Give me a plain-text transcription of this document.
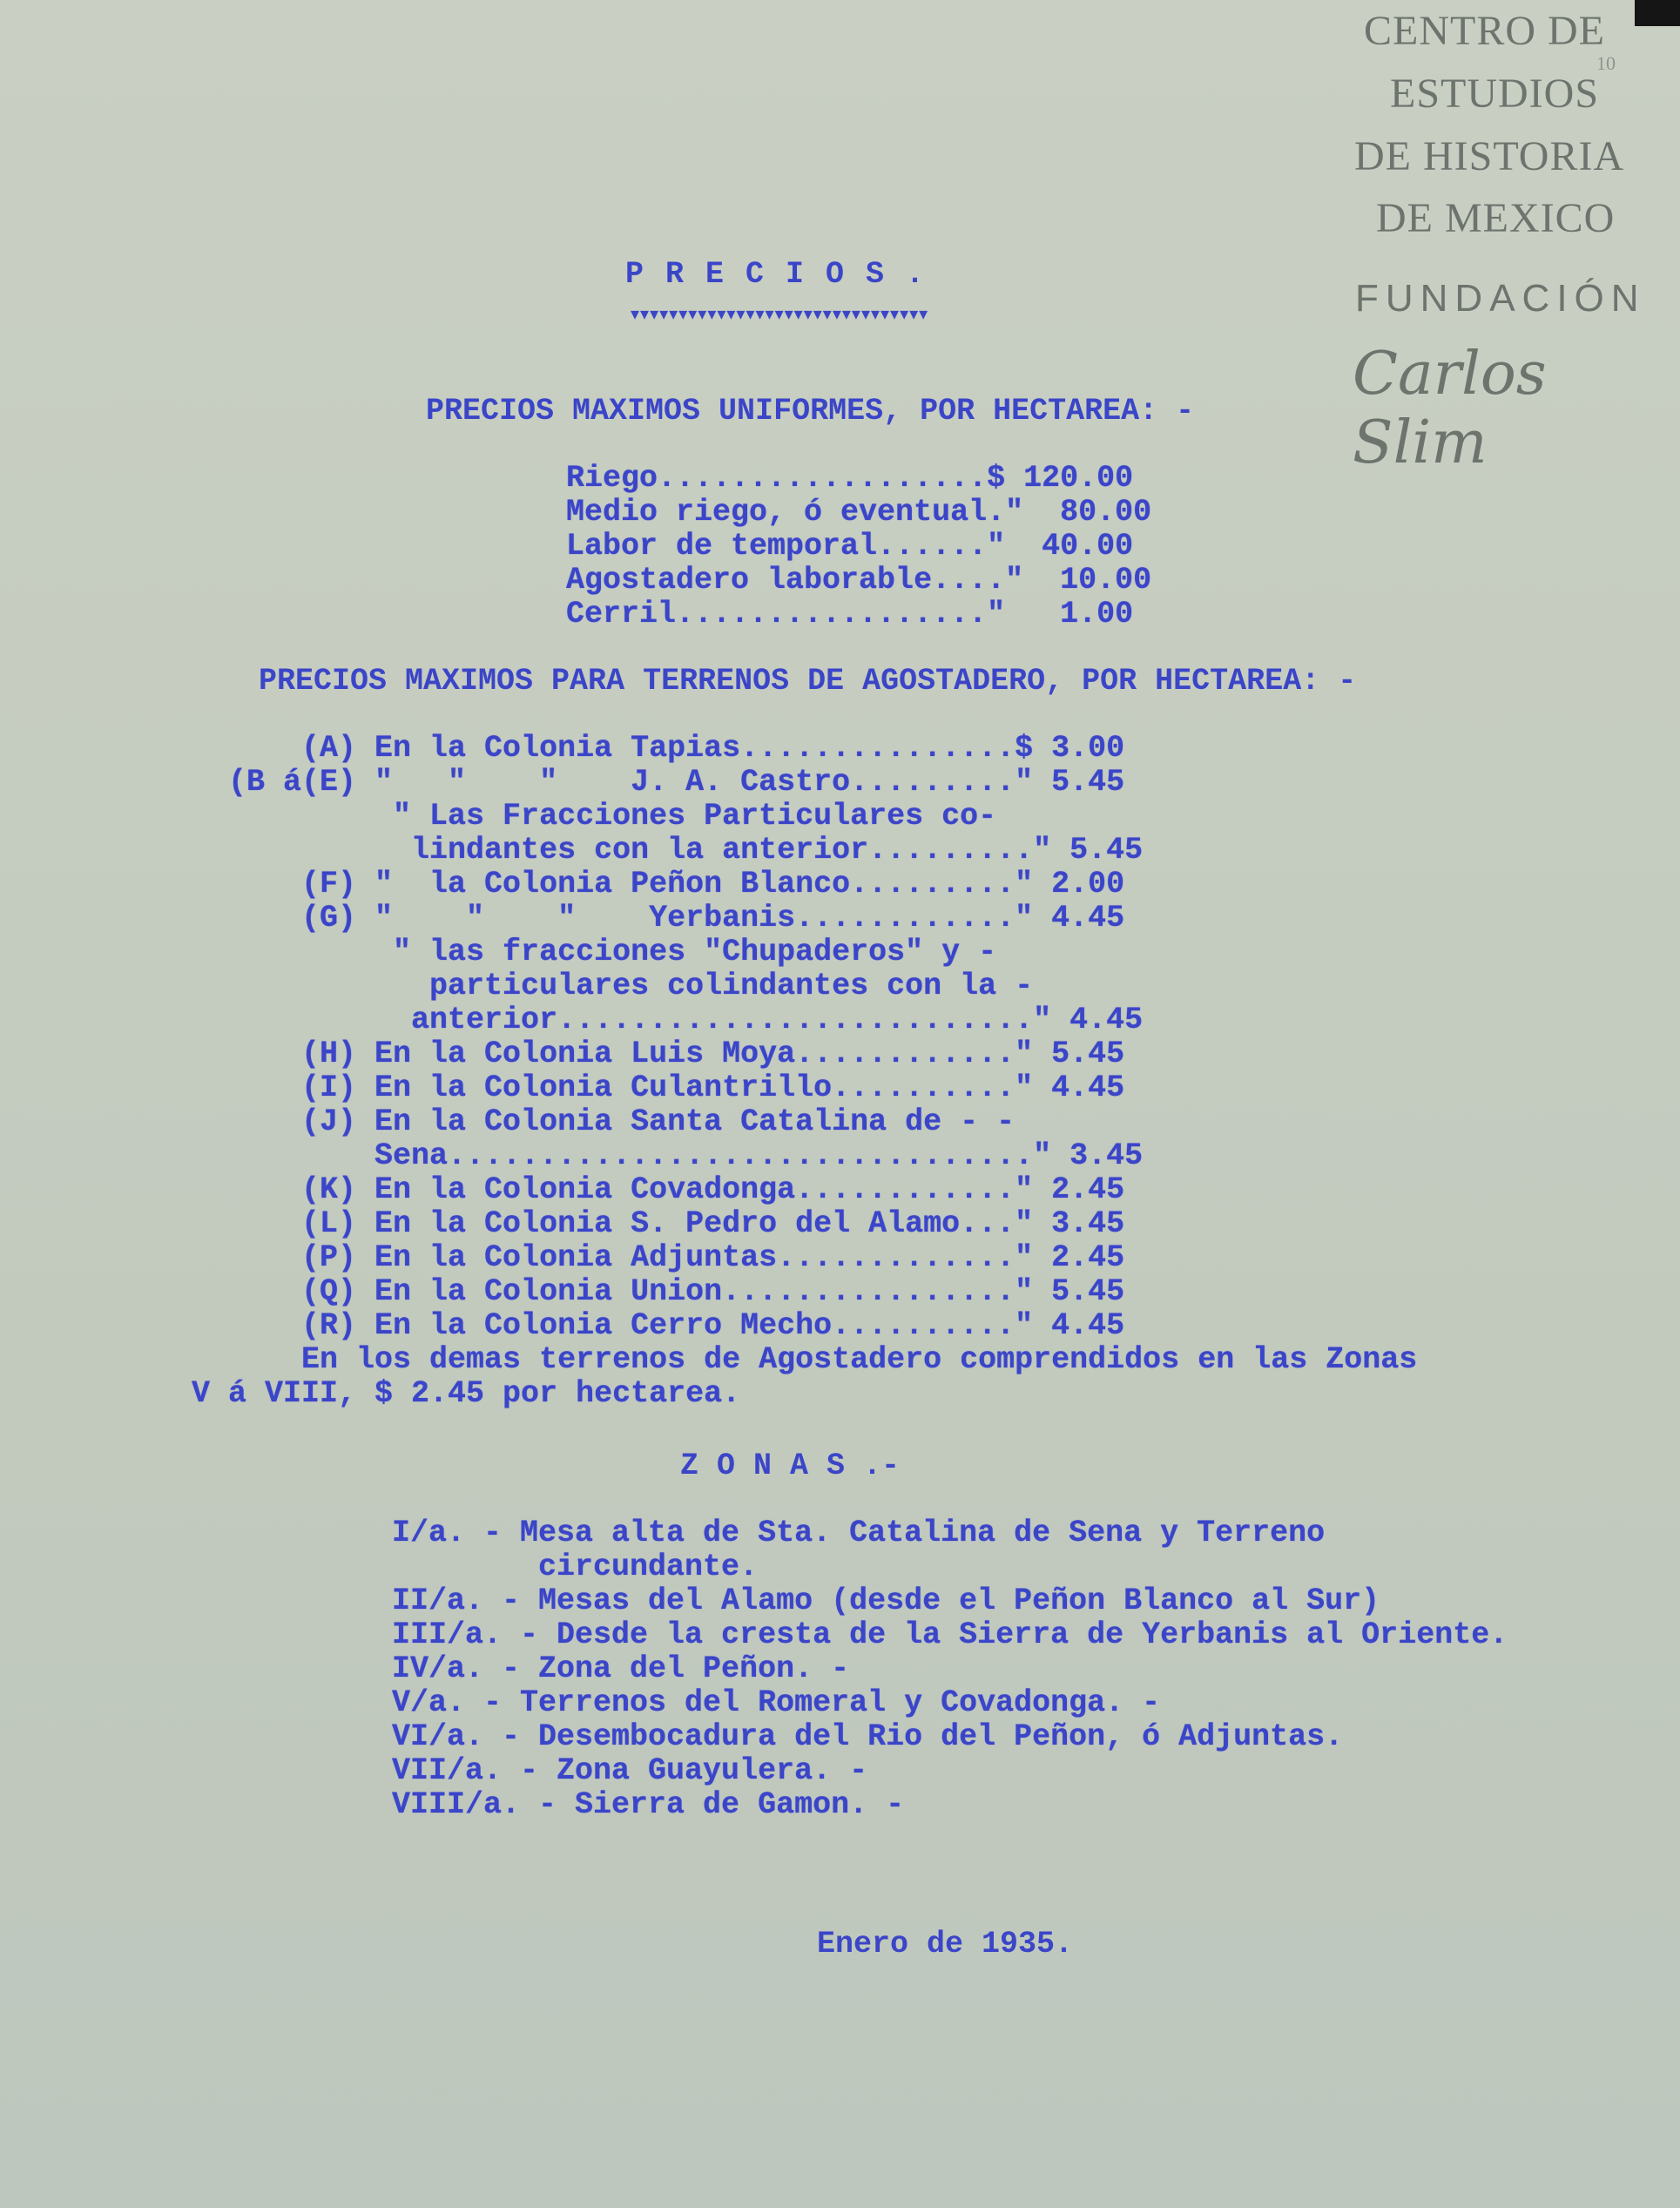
CENTRO DE
ESTUDIOS
DE HISTORIA
DE MEXICO
FUNDACIÓN
Carlos Slim
10
P R E C I O S .
▾▾▾▾▾▾▾▾▾▾▾▾▾▾▾▾▾▾▾▾▾▾▾▾▾▾▾▾▾▾▾
PRECIOS MAXIMOS UNIFORMES, POR HECTAREA: -
Riego..................$ 120.00
Medio riego, ó eventual."  80.00
Labor de temporal......"  40.00
Agostadero laborable...."  10.00
Cerril................."   1.00
PRECIOS MAXIMOS PARA TERRENOS DE AGOSTADERO, POR HECTAREA: -
(A) En la Colonia Tapias...............$ 3.00
(B á(E) "   "    "    J. A. Castro........." 5.45
" Las Fracciones Particulares co-
lindantes con la anterior........." 5.45
(F) "  la Colonia Peñon Blanco........." 2.00
(G) "    "    "    Yerbanis............" 4.45
" las fracciones "Chupaderos" y -
particulares colindantes con la -
anterior.........................." 4.45
(H) En la Colonia Luis Moya............" 5.45
(I) En la Colonia Culantrillo.........." 4.45
(J) En la Colonia Santa Catalina de - -
Sena................................" 3.45
(K) En la Colonia Covadonga............" 2.45
(L) En la Colonia S. Pedro del Alamo..." 3.45
(P) En la Colonia Adjuntas............." 2.45
(Q) En la Colonia Union................" 5.45
(R) En la Colonia Cerro Mecho.........." 4.45
En los demas terrenos de Agostadero comprendidos en las Zonas
V á VIII, $ 2.45 por hectarea.
Z O N A S .-
I/a. - Mesa alta de Sta. Catalina de Sena y Terreno
circundante.
II/a. - Mesas del Alamo (desde el Peñon Blanco al Sur)
III/a. - Desde la cresta de la Sierra de Yerbanis al Oriente.
IV/a. - Zona del Peñon. -
V/a. - Terrenos del Romeral y Covadonga. -
VI/a. - Desembocadura del Rio del Peñon, ó Adjuntas.
VII/a. - Zona Guayulera. -
VIII/a. - Sierra de Gamon. -
Enero de 1935.
